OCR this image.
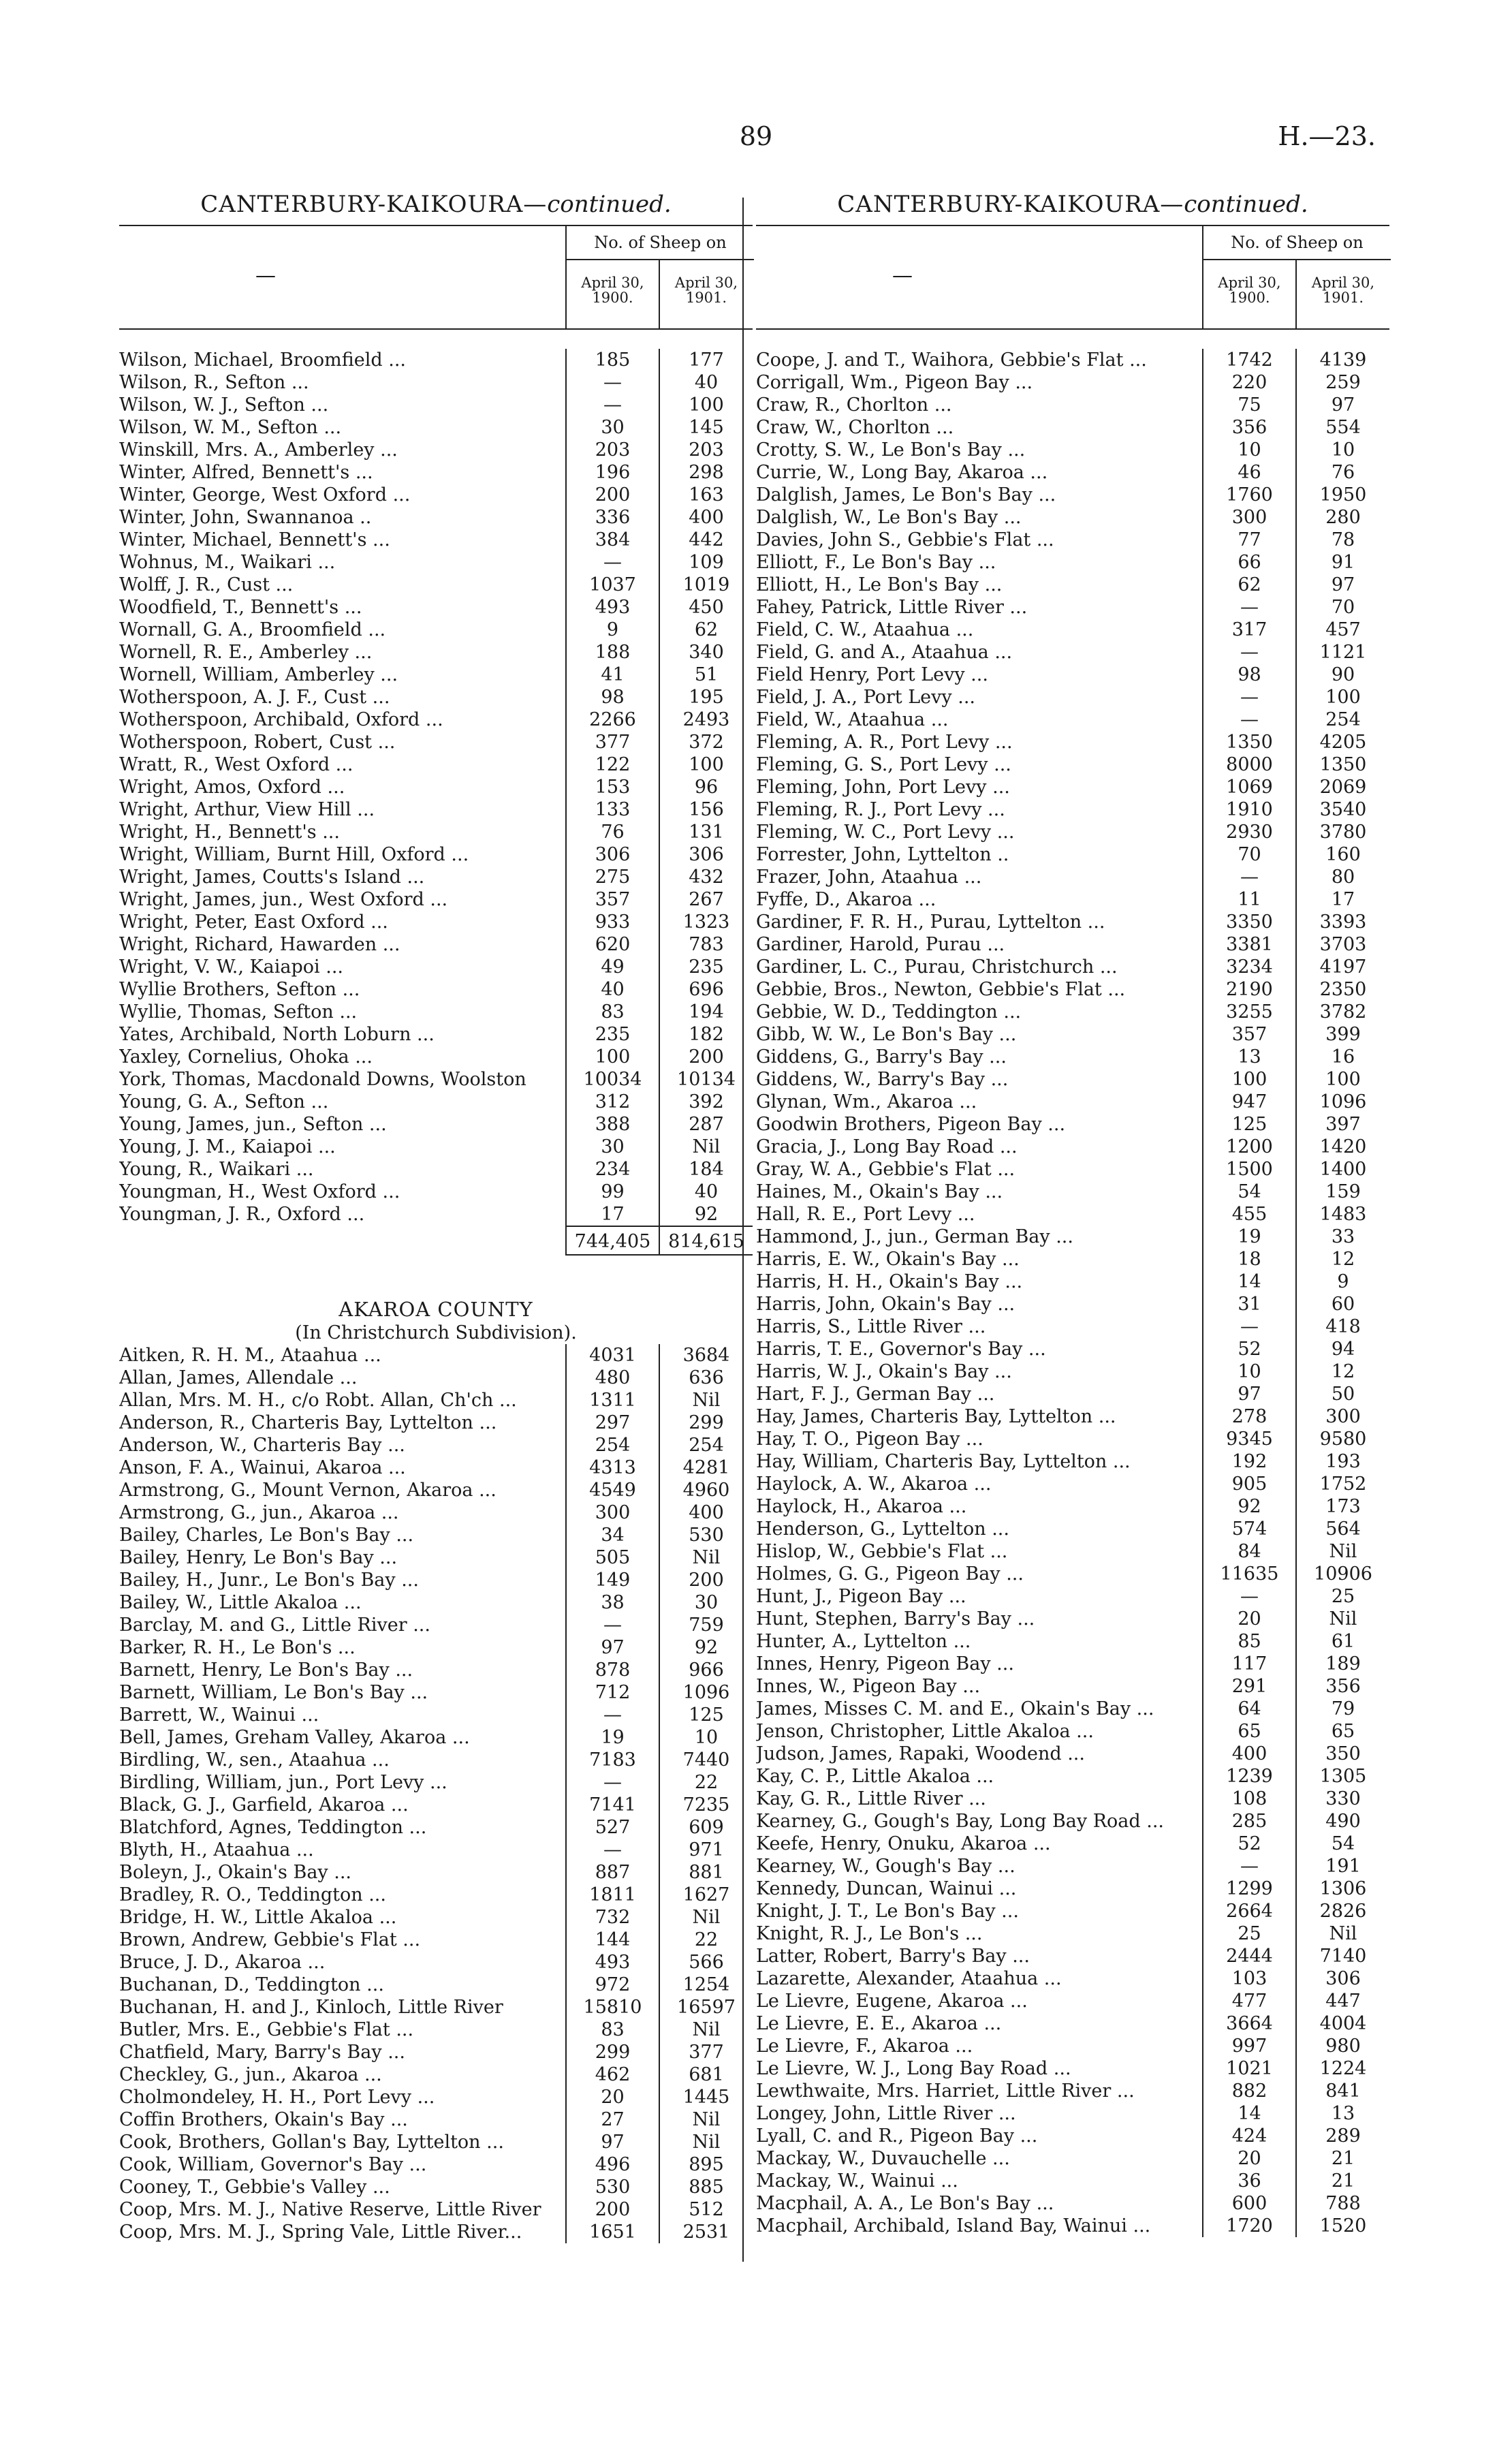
89	H.—23.
CANTERBURY-KAIKOURA—continued.
—
No. of Sheep on
April 30,
1900.
April 30,
1901.
Wilson, Michael, Broomfield ...	185	177
Wilson, R., Sefton ...	—	40
Wilson, W. J., Sefton ...	—	100
Wilson, W. M., Sefton ...	30	145
Winskill, Mrs. A., Amberley ...	203	203
Winter, Alfred, Bennett's ...	196	298
Winter, George, West Oxford ...	200	163
Winter, John, Swannanoa ..	336	400
Winter, Michael, Bennett's ...	384	442
Wohnus, M., Waikari ...	—	109
Wolff, J. R., Cust ...	1037	1019
Woodfield, T., Bennett's ...	493	450
Wornall, G. A., Broomfield ...	9	62
Wornell, R. E., Amberley ...	188	340
Wornell, William, Amberley ...	41	51
Wotherspoon, A. J. F., Cust ...	98	195
Wotherspoon, Archibald, Oxford ...	2266	2493
Wotherspoon, Robert, Cust ...	377	372
Wratt, R., West Oxford ...	122	100
Wright, Amos, Oxford ...	153	96
Wright, Arthur, View Hill ...	133	156
Wright, H., Bennett's ...	76	131
Wright, William, Burnt Hill, Oxford ...	306	306
Wright, James, Coutts's Island ...	275	432
Wright, James, jun., West Oxford ...	357	267
Wright, Peter, East Oxford ...	933	1323
Wright, Richard, Hawarden ...	620	783
Wright, V. W., Kaiapoi ...	49	235
Wyllie Brothers, Sefton ...	40	696
Wyllie, Thomas, Sefton ...	83	194
Yates, Archibald, North Loburn ...	235	182
Yaxley, Cornelius, Ohoka ...	100	200
York, Thomas, Macdonald Downs, Woolston	10034	10134
Young, G. A., Sefton ...	312	392
Young, James, jun., Sefton ...	388	287
Young, J. M., Kaiapoi ...	30	Nil
Young, R., Waikari ...	234	184
Youngman, H., West Oxford ...	99	40
Youngman, J. R., Oxford ...	17	92
744,405 814,615
AKAROA COUNTY
(In Christchurch Subdivision).
Aitken, R. H. M., Ataahua ...	4031	3684
Allan, James, Allendale ...	480	636
Allan, Mrs. M. H., c/o Robt. Allan, Ch'ch ...	1311	Nil
Anderson, R., Charteris Bay, Lyttelton ...	297	299
Anderson, W., Charteris Bay ...	254	254
Anson, F. A., Wainui, Akaroa ...	4313	4281
Armstrong, G., Mount Vernon, Akaroa ...	4549	4960
Armstrong, G., jun., Akaroa ...	300	400
Bailey, Charles, Le Bon's Bay ...	34	530
Bailey, Henry, Le Bon's Bay ...	505	Nil
Bailey, H., Junr., Le Bon's Bay ...	149	200
Bailey, W., Little Akaloa ...	38	30
Barclay, M. and G., Little River ...	—	759
Barker, R. H., Le Bon's ...	97	92
Barnett, Henry, Le Bon's Bay ...	878	966
Barnett, William, Le Bon's Bay ...	712	1096
Barrett, W., Wainui ...	—	125
Bell, James, Greham Valley, Akaroa ...	19	10
Birdling, W., sen., Ataahua ...	7183	7440
Birdling, William, jun., Port Levy ...	—	22
Black, G. J., Garfield, Akaroa ...	7141	7235
Blatchford, Agnes, Teddington ...	527	609
Blyth, H., Ataahua ...	—	971
Boleyn, J., Okain's Bay ...	887	881
Bradley, R. O., Teddington ...	1811	1627
Bridge, H. W., Little Akaloa ...	732	Nil
Brown, Andrew, Gebbie's Flat ...	144	22
Bruce, J. D., Akaroa ...	493	566
Buchanan, D., Teddington ...	972	1254
Buchanan, H. and J., Kinloch, Little River	15810	16597
Butler, Mrs. E., Gebbie's Flat ...	83	Nil
Chatfield, Mary, Barry's Bay ...	299	377
Checkley, G., jun., Akaroa ...	462	681
Cholmondeley, H. H., Port Levy ...	20	1445
Coffin Brothers, Okain's Bay ...	27	Nil
Cook, Brothers, Gollan's Bay, Lyttelton ...	97	Nil
Cook, William, Governor's Bay ...	496	895
Cooney, T., Gebbie's Valley ...	530	885
Coop, Mrs. M. J., Native Reserve, Little River	200	512
Coop, Mrs. M. J., Spring Vale, Little River...	1651	2531
CANTERBURY-KAIKOURA—continued.
—
No. of Sheep on
April 30,
1900.
April 30,
1901.
Coope, J. and T., Waihora, Gebbie's Flat ...	1742	4139
Corrigall, Wm., Pigeon Bay ...	220	259
Craw, R., Chorlton ...	75	97
Craw, W., Chorlton ...	356	554
Crotty, S. W., Le Bon's Bay ...	10	10
Currie, W., Long Bay, Akaroa ...	46	76
Dalglish, James, Le Bon's Bay ...	1760	1950
Dalglish, W., Le Bon's Bay ...	300	280
Davies, John S., Gebbie's Flat ...	77	78
Elliott, F., Le Bon's Bay ...	66	91
Elliott, H., Le Bon's Bay ...	62	97
Fahey, Patrick, Little River ...	—	70
Field, C. W., Ataahua ...	317	457
Field, G. and A., Ataahua ...	—	1121
Field Henry, Port Levy ...	98	90
Field, J. A., Port Levy ...	—	100
Field, W., Ataahua ...	—	254
Fleming, A. R., Port Levy ...	1350	4205
Fleming, G. S., Port Levy ...	8000	1350
Fleming, John, Port Levy ...	1069	2069
Fleming, R. J., Port Levy ...	1910	3540
Fleming, W. C., Port Levy ...	2930	3780
Forrester, John, Lyttelton ..	70	160
Frazer, John, Ataahua ...	—	80
Fyffe, D., Akaroa ...	11	17
Gardiner, F. R. H., Purau, Lyttelton ...	3350	3393
Gardiner, Harold, Purau ...	3381	3703
Gardiner, L. C., Purau, Christchurch ...	3234	4197
Gebbie, Bros., Newton, Gebbie's Flat ...	2190	2350
Gebbie, W. D., Teddington ...	3255	3782
Gibb, W. W., Le Bon's Bay ...	357	399
Giddens, G., Barry's Bay ...	13	16
Giddens, W., Barry's Bay ...	100	100
Glynan, Wm., Akaroa ...	947	1096
Goodwin Brothers, Pigeon Bay ...	125	397
Gracia, J., Long Bay Road ...	1200	1420
Gray, W. A., Gebbie's Flat ...	1500	1400
Haines, M., Okain's Bay ...	54	159
Hall, R. E., Port Levy ...	455	1483
Hammond, J., jun., German Bay ...	19	33
Harris, E. W., Okain's Bay ...	18	12
Harris, H. H., Okain's Bay ...	14	9
Harris, John, Okain's Bay ...	31	60
Harris, S., Little River ...	—	418
Harris, T. E., Governor's Bay ...	52	94
Harris, W. J., Okain's Bay ...	10	12
Hart, F. J., German Bay ...	97	50
Hay, James, Charteris Bay, Lyttelton ...	278	300
Hay, T. O., Pigeon Bay ...	9345	9580
Hay, William, Charteris Bay, Lyttelton ...	192	193
Haylock, A. W., Akaroa ...	905	1752
Haylock, H., Akaroa ...	92	173
Henderson, G., Lyttelton ...	574	564
Hislop, W., Gebbie's Flat ...	84	Nil
Holmes, G. G., Pigeon Bay ...	11635	10906
Hunt, J., Pigeon Bay ...	—	25
Hunt, Stephen, Barry's Bay ...	20	Nil
Hunter, A., Lyttelton ...	85	61
Innes, Henry, Pigeon Bay ...	117	189
Innes, W., Pigeon Bay ...	291	356
James, Misses C. M. and E., Okain's Bay ...	64	79
Jenson, Christopher, Little Akaloa ...	65	65
Judson, James, Rapaki, Woodend ...	400	350
Kay, C. P., Little Akaloa ...	1239	1305
Kay, G. R., Little River ...	108	330
Kearney, G., Gough's Bay, Long Bay Road ...	285	490
Keefe, Henry, Onuku, Akaroa ...	52	54
Kearney, W., Gough's Bay ...	—	191
Kennedy, Duncan, Wainui ...	1299	1306
Knight, J. T., Le Bon's Bay ...	2664	2826
Knight, R. J., Le Bon's ...	25	Nil
Latter, Robert, Barry's Bay ...	2444	7140
Lazarette, Alexander, Ataahua ...	103	306
Le Lievre, Eugene, Akaroa ...	477	447
Le Lievre, E. E., Akaroa ...	3664	4004
Le Lievre, F., Akaroa ...	997	980
Le Lievre, W. J., Long Bay Road ...	1021	1224
Lewthwaite, Mrs. Harriet, Little River ...	882	841
Longey, John, Little River ...	14	13
Lyall, C. and R., Pigeon Bay ...	424	289
Mackay, W., Duvauchelle ...	20	21
Mackay, W., Wainui ...	36	21
Macphail, A. A., Le Bon's Bay ...	600	788
Macphail, Archibald, Island Bay, Wainui ...	1720	1520
